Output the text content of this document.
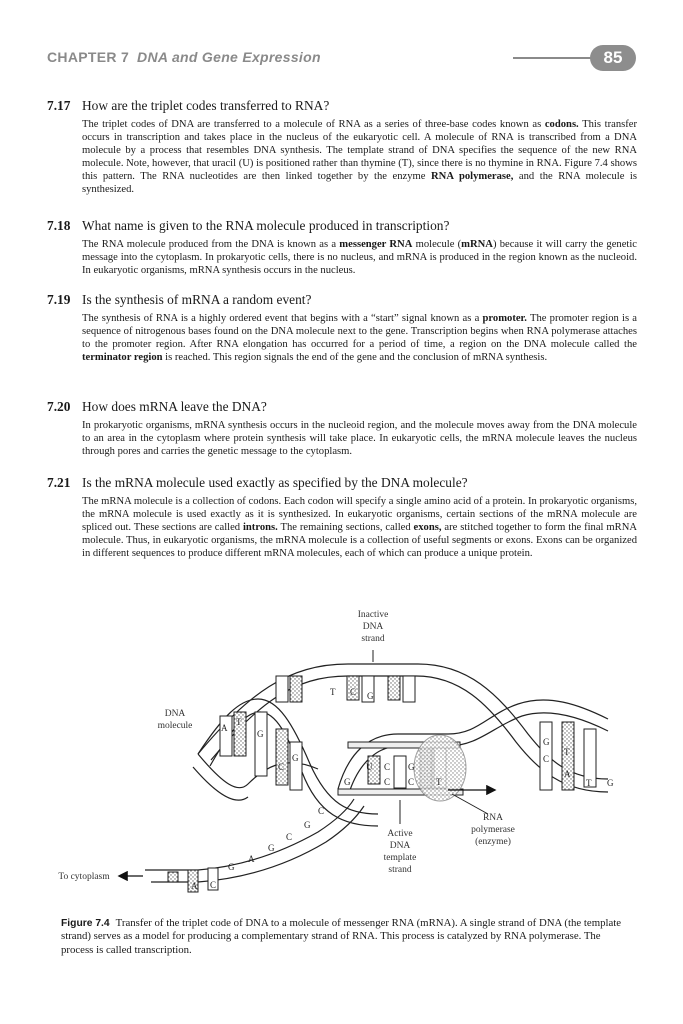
CHAPTER 7 DNA and Gene Expression	85
7.17 How are the triplet codes transferred to RNA?
The triplet codes of DNA are transferred to a molecule of RNA as a series of three-base codes known as codons. This transfer occurs in transcription and takes place in the nucleus of the eukaryotic cell. A molecule of RNA is transcribed from a DNA molecule by a process that resembles DNA synthesis. The template strand of DNA specifies the sequence of the new RNA molecule. Note, however, that uracil (U) is positioned rather than thymine (T), since there is no thymine in RNA. Figure 7.4 shows this pattern. The RNA nucleotides are then linked together by the enzyme RNA polymerase, and the RNA molecule is synthesized.
7.18 What name is given to the RNA molecule produced in transcription?
The RNA molecule produced from the DNA is known as a messenger RNA molecule (mRNA) because it will carry the genetic message into the cytoplasm. In prokaryotic cells, there is no nucleus, and mRNA is produced in the region known as the nucleoid. In eukaryotic organisms, mRNA synthesis occurs in the nucleus.
7.19 Is the synthesis of mRNA a random event?
The synthesis of RNA is a highly ordered event that begins with a “start” signal known as a promoter. The promoter region is a sequence of nitrogenous bases found on the DNA molecule next to the gene. Transcription begins when RNA polymerase attaches to the promoter region. After RNA elongation has occurred for a period of time, a region on the DNA molecule called the terminator region is reached. This region signals the end of the gene and the conclusion of mRNA synthesis.
7.20 How does mRNA leave the DNA?
In prokaryotic organisms, mRNA synthesis occurs in the nucleoid region, and the molecule moves away from the DNA molecule to an area in the cytoplasm where protein synthesis will take place. In eukaryotic cells, the mRNA molecule leaves the nucleus through pores and carries the genetic message to the cytoplasm.
7.21 Is the mRNA molecule used exactly as specified by the DNA molecule?
The mRNA molecule is a collection of codons. Each codon will specify a single amino acid of a protein. In prokaryotic organisms, the mRNA molecule is used exactly as it is synthesized. In eukaryotic organisms, certain sections of the mRNA molecule are spliced out. These sections are called introns. The remaining sections, called exons, are stitched together to form the final mRNA molecule. Thus, in eukaryotic organisms, the mRNA molecule is a collection of useful segments or exons. Exons can be organized in different sequences to produce different mRNA molecules, each of which can produce a unique protein.
T C G
A
T
G
C
G
U C G
G	C C T
G
C
T
A
T G
C
G
C
G
A
G
A C
Inactive
DNA
strand
DNA
molecule
Active
DNA
template
strand
RNA
polymerase
(enzyme)
To cytoplasm
Figure 7.4 Transfer of the triplet code of DNA to a molecule of messenger RNA (mRNA). A single strand of DNA (the template strand) serves as a model for producing a complementary strand of RNA. This process is catalyzed by RNA polymerase. The process is called transcription.
